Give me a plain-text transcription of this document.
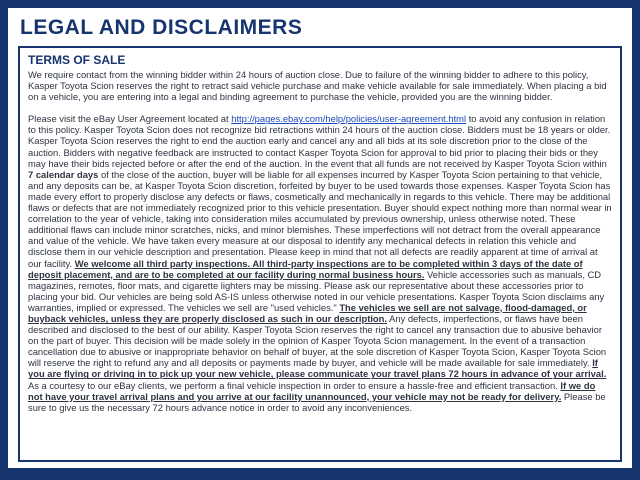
LEGAL AND DISCLAIMERS
TERMS OF SALE

We require contact from the winning bidder within 24 hours of auction close. Due to failure of the winning bidder to adhere to this policy, Kasper Toyota Scion reserves the right to retract said vehicle purchase and make vehicle available for sale immediately. When placing a bid on a vehicle, you are entering into a legal and binding agreement to purchase the vehicle, provided you are the winning bidder.

Please visit the eBay User Agreement located at http://pages.ebay.com/help/policies/user-agreement.html to avoid any confusion in relation to this policy. Kasper Toyota Scion does not recognize bid retractions within 24 hours of the auction close. Bidders must be 18 years or older. Kasper Toyota Scion reserves the right to end the auction early and cancel any and all bids at its sole discretion prior to the close of the auction. Bidders with negative feedback are instructed to contact Kasper Toyota Scion for approval to bid prior to placing their bids or they may have their bids rejected before or after the end of the auction. In the event that all funds are not received by Kasper Toyota Scion within 7 calendar days of the close of the auction, buyer will be liable for all expenses incurred by Kasper Toyota Scion pertaining to that vehicle, and any deposits can be, at Kasper Toyota Scion discretion, forfeited by buyer to be used towards those expenses. Kasper Toyota Scion has made every effort to properly disclose any defects or flaws, cosmetically and mechanically in regards to this vehicle. There may be additional flaws or defects that are not immediately recognized prior to this vehicle presentation. Buyer should expect nothing more than normal wear in correlation to the year of vehicle, taking into consideration miles accumulated by previous ownership, unless otherwise noted. These additional flaws can include minor scratches, nicks, and minor blemishes. These imperfections will not detract from the overall appearance and value of the vehicle. We have taken every measure at our disposal to identify any mechanical defects in relation this vehicle and disclose them in our vehicle description and presentation. Please keep in mind that not all defects are readily apparent at time of arrival at our facility. We welcome all third party inspections. All third-party inspections are to be completed within 3 days of the date of deposit placement, and are to be completed at our facility during normal business hours. Vehicle accessories such as manuals, CD magazines, remotes, floor mats, and cigarette lighters may be missing. Please ask our representative about these accessories prior to placing your bid. Our vehicles are being sold AS-IS unless otherwise noted in our vehicle presentations. Kasper Toyota Scion disclaims any warranties, implied or expressed. The vehicles we sell are "used vehicles." The vehicles we sell are not salvage, flood-damaged, or buyback vehicles, unless they are properly disclosed as such in our description. Any defects, imperfections, or flaws have been described and disclosed to the best of our ability. Kasper Toyota Scion reserves the right to cancel any transaction due to abusive behavior on the part of buyer. This decision will be made solely in the opinion of Kasper Toyota Scion management. In the event of a transaction cancellation due to abusive or inappropriate behavior on behalf of buyer, at the sole discretion of Kasper Toyota Scion, Kasper Toyota Scion will reserve the right to refund any and all deposits or payments made by buyer, and vehicle will be made available for sale immediately. If you are flying or driving in to pick up your new vehicle, please communicate your travel plans 72 hours in advance of your arrival. As a courtesy to our eBay clients, we perform a final vehicle inspection in order to ensure a hassle-free and efficient transaction. If we do not have your travel arrival plans and you arrive at our facility unannounced, your vehicle may not be ready for delivery. Please be sure to give us the necessary 72 hours advance notice in order to avoid any inconveniences.
